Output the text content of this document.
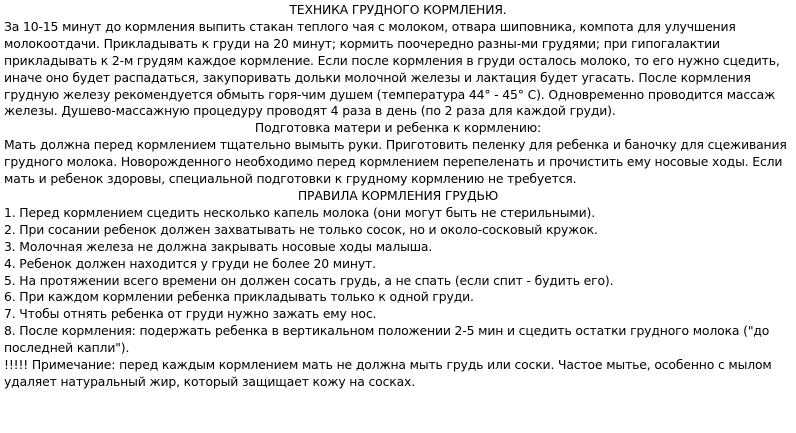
ТЕХНИКА ГРУДНОГО КОРМЛЕНИЯ.

За 10-15 минут до кормления выпить стакан теплого чая с молоком, отвара шиповника, компота для улучшения молокоотдачи. Прикладывать к груди на 20 минут; кормить поочередно разны-ми грудями; при гипогалактии прикладывать к 2-м грудям каждое кормление. Если после кормления в груди осталось молоко, то его нужно сцедить, иначе оно будет распадаться, закупоривать дольки молочной железы и лактация будет угасать. После кормления грудную железу рекомендуется обмыть горя-чим душем (температура 44° - 45° С). Одновременно проводится массаж железы. Душево-массажную процедуру проводят 4 раза в день (по 2 раза для каждой груди).

Подготовка матери и ребенка к кормлению:

Мать должна перед кормлением тщательно вымыть руки. Приготовить пеленку для ребенка и баночку для сцеживания грудного молока. Новорожденного необходимо перед кормлением перепеленать и прочистить ему носовые ходы. Если мать и ребенок здоровы, специальной подготовки к грудному кормлению не требуется.

ПРАВИЛА КОРМЛЕНИЯ ГРУДЬЮ
1. Перед кормлением сцедить несколько капель молока (они могут быть не стерильными).
2. При сосании ребенок должен захватывать не только сосок, но и около-сосковый кружок.
3. Молочная железа не должна закрывать носовые ходы малыша.
4. Ребенок должен находится у груди не более 20 минут.
5. На протяжении всего времени он должен сосать грудь, а не спать (если спит - будить его).
6. При каждом кормлении ребенка прикладывать только к одной груди.
7. Чтобы отнять ребенка от груди нужно зажать ему нос.
8. После кормления: подержать ребенка в вертикальном положении 2-5 мин и сцедить остатки грудного молока ("до последней капли").

!!!!! Примечание: перед каждым кормлением мать не должна мыть грудь или соски. Частое мытье, особенно с мылом удаляет натуральный жир, который защищает кожу на сосках.
